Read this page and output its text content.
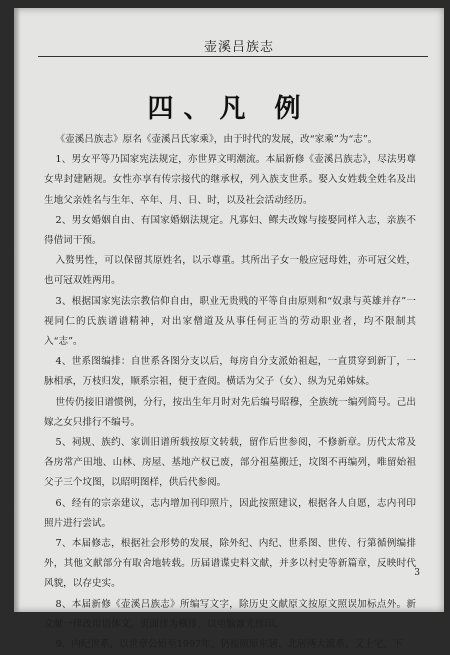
壶溪吕族志
四、凡 例

《壶溪吕族志》原名《壶溪吕氏家乘》，由于时代的发展，改“家乘”为“志”。

1、男女平等乃国家宪法规定，亦世界文明潮流。本届新修《壶溪吕族志》，尽法男尊女卑封建陋规。女性亦享有传宗接代的继承权，列入族支世系。娶入女姓载全姓名及出生地父亲姓名与生年、卒年、月、日、时，以及社会活动经历。

2、男女婚姻自由、有国家婚姻法规定。凡寡妇、鳏夫改嫁与接娶同样入志，亲族不得借词干预。

入赘男性，可以保留其原姓名，以示尊重。其所出子女一般应冠母姓，亦可冠父姓，也可冠双姓两用。

3、根据国家宪法宗教信仰自由，职业无贵贱的平等自由原则和“奴隶与英雄并存”一视同仁的氏族谱谱精神，对出家僧道及从事任何正当的劳动职业者，均不限制其入“志”。

4、世系图编排：自世系各图分支以后，每房自分支派始祖起，一直贯穿到新丁，一脉相承，万枝归发，顺系宗祖，便于查阅。横话为父子（女）、纵为兄弟姊妹。

世传仍接旧谱惯例，分行，按出生年月时对先后编号昭穆，全族统一编列简号。己出嫁之女只排行不编号。

5、祠规、族约、家训旧谱所载按原文转载，留作后世参阅，不修新章。历代太常及各房常产田地、山林、房屋、基地产权已废，部分祖墓搬迁，坟图不再编列，唯留始祖父子三个坟图，以昭明图样，供后代参阅。

6、经有的宗亲建议，志内增加刊印照片，因此按照建议，根据各人自愿，志内刊印照片进行尝试。

7、本届修志，根据社会形势的发展，除外纪、内纪、世系图、世传、行第循例编排外，其他文献部分有取舍地转载。历届谱谍史料文献，并多以村史等新篇章，反映时代风貌，以存史实。

8、本届新修《壶溪吕族志》所编写文字，除历史文献原文按原文照误加标点外。新文献一律改用语体文。页面排为横排，以电脑激光排印。

9、内纪世系，以世章公始至1997年，仍接照原东居、北居两大派系，又上宅、下

3
